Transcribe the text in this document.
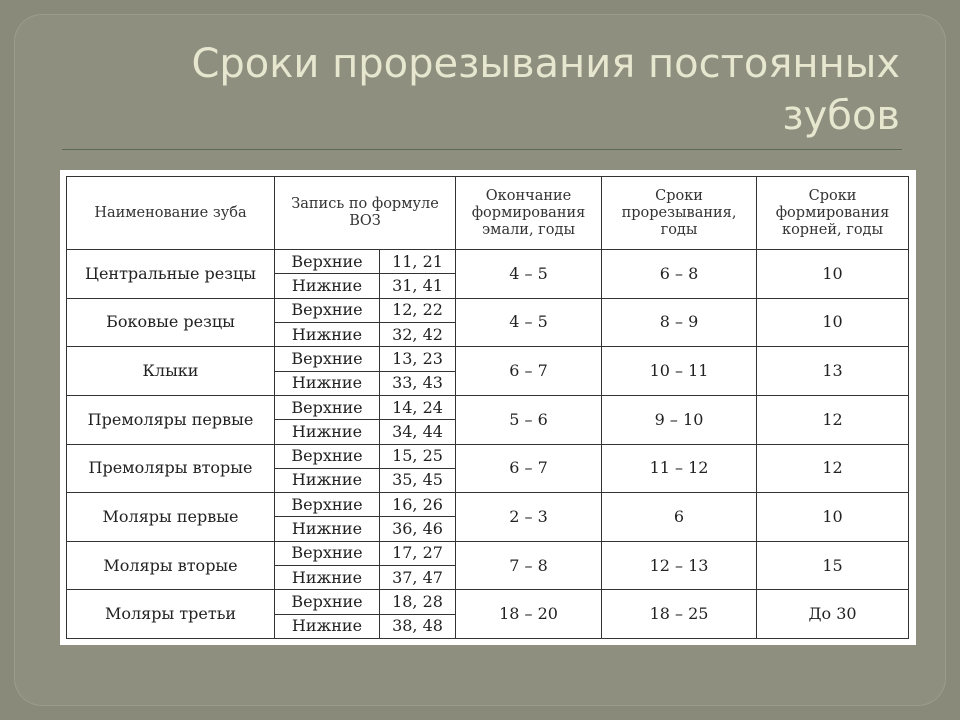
Сроки прорезывания постоянных
зубов
Наименование зуба	Запись по формуле ВОЗ		Окончание формирования эмали, годы	Сроки прорезывания, годы	Сроки формирования корней, годы
Центральные резцы	Верхние	11, 21	4 – 5	6 – 8	10
	Нижние	31, 41			
Боковые резцы	Верхние	12, 22	4 – 5	8 – 9	10
	Нижние	32, 42			
Клыки	Верхние	13, 23	6 – 7	10 – 11	13
	Нижние	33, 43			
Премоляры первые	Верхние	14, 24	5 – 6	9 – 10	12
	Нижние	34, 44			
Премоляры вторые	Верхние	15, 25	6 – 7	11 – 12	12
	Нижние	35, 45			
Моляры первые	Верхние	16, 26	2 – 3	6	10
	Нижние	36, 46			
Моляры вторые	Верхние	17, 27	7 – 8	12 – 13	15
	Нижние	37, 47			
Моляры третьи	Верхние	18, 28	18 – 20	18 – 25	До 30
	Нижние	38, 48			
